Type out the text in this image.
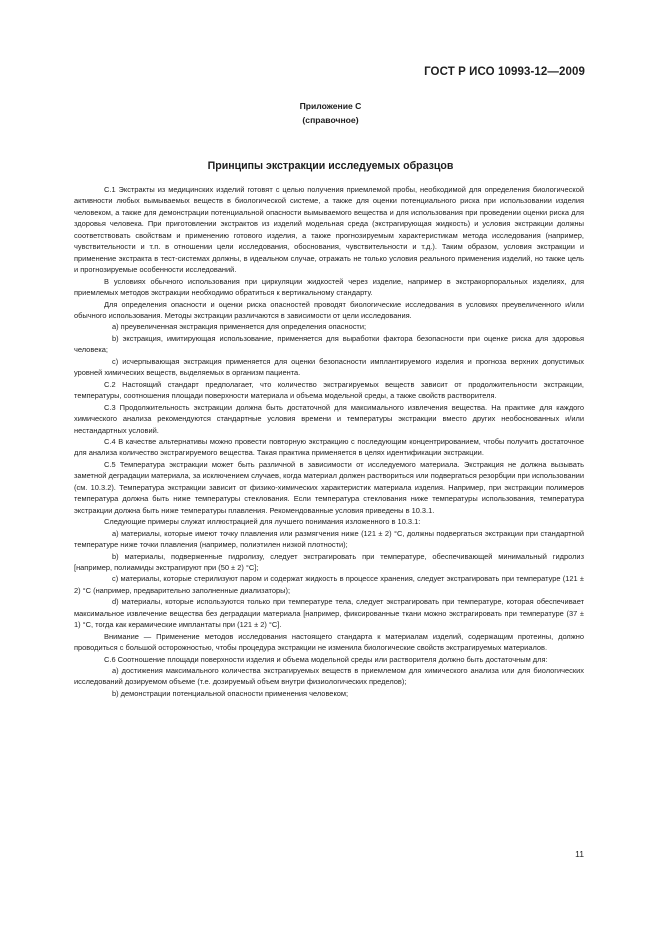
ГОСТ Р ИСО 10993-12—2009
Приложение С
(справочное)
Принципы экстракции исследуемых образцов

С.1 Экстракты из медицинских изделий готовят с целью получения приемлемой пробы, необходимой для определения биологической активности любых вымываемых веществ в биологической системе, а также для оценки потенциального риска при использовании изделия человеком, а также для демонстрации потенциальной опасности вымываемого вещества и для использования при проведении оценки риска для здоровья человека. При приготовлении экстрактов из изделий модельная среда (экстрагирующая жидкость) и условия экстракции должны соответствовать свойствам и применению готового изделия, а также прогнозируемым характеристикам метода исследования (например, чувствительности и т.п. в отношении цели исследования, обоснования, чувствительности и т.д.). Таким образом, условия экстракции и применение экстракта в тест-системах должны, в идеальном случае, отражать не только условия реального применения изделий, но также цель и прогнозируемые особенности исследований.

В условиях обычного использования при циркуляции жидкостей через изделие, например в экстракорпоральных изделиях, для приемлемых методов экстракции необходимо обратиться к вертикальному стандарту.

Для определения опасности и оценки риска опасностей проводят биологические исследования в условиях преувеличенного и/или обычного использования. Методы экстракции различаются в зависимости от цели исследования.

a) преувеличенная экстракция применяется для определения опасности;

b) экстракция, имитирующая использование, применяется для выработки фактора безопасности при оценке риска для здоровья человека;

c) исчерпывающая экстракция применяется для оценки безопасности имплантируемого изделия и прогноза верхних допустимых уровней химических веществ, выделяемых в организм пациента.

С.2 Настоящий стандарт предполагает, что количество экстрагируемых веществ зависит от продолжительности экстракции, температуры, соотношения площади поверхности материала и объема модельной среды, а также свойств растворителя.

С.3 Продолжительность экстракции должна быть достаточной для максимального извлечения вещества. На практике для каждого химического анализа рекомендуются стандартные условия времени и температуры экстракции вместо других необоснованных и/или нестандартных условий.

С.4 В качестве альтернативы можно провести повторную экстракцию с последующим концентрированием, чтобы получить достаточное для анализа количество экстрагируемого вещества. Такая практика применяется в целях идентификации экстракции.

С.5 Температура экстракции может быть различной в зависимости от исследуемого материала. Экстракция не должна вызывать заметной деградации материала, за исключением случаев, когда материал должен раствориться или подвергаться резорбции при использовании (см. 10.3.2). Температура экстракции зависит от физико-химических характеристик материала изделия. Например, при экстракции полимеров температура должна быть ниже температуры стеклования. Если температура стеклования ниже температуры использования, температура экстракции должна быть ниже температуры плавления. Рекомендованные условия приведены в 10.3.1.

Следующие примеры служат иллюстрацией для лучшего понимания изложенного в 10.3.1:

a) материалы, которые имеют точку плавления или размягчения ниже (121 ± 2) °С, должны подвергаться экстракции при стандартной температуре ниже точки плавления (например, полиэтилен низкой плотности);

b) материалы, подверженные гидролизу, следует экстрагировать при температуре, обеспечивающей минимальный гидролиз [например, полиамиды экстрагируют при (50 ± 2) °С];

c) материалы, которые стерилизуют паром и содержат жидкость в процессе хранения, следует экстрагировать при температуре (121 ± 2) °С (например, предварительно заполненные диализаторы);

d) материалы, которые используются только при температуре тела, следует экстрагировать при температуре, которая обеспечивает максимальное извлечение вещества без деградации материала [например, фиксированные ткани можно экстрагировать при температуре (37 ± 1) °С, тогда как керамические имплантаты при (121 ± 2) °С].

Внимание — Применение методов исследования настоящего стандарта к материалам изделий, содержащим протеины, должно проводиться с большой осторожностью, чтобы процедура экстракции не изменила биологические свойств экстрагируемых материалов.

С.6 Соотношение площади поверхности изделия и объема модельной среды или растворителя должно быть достаточным для:

a) достижения максимального количества экстрагируемых веществ в приемлемом для химического анализа или для биологических исследований дозируемом объеме (т.е. дозируемый объем внутри физиологических пределов);

b) демонстрации потенциальной опасности применения человеком;

11
